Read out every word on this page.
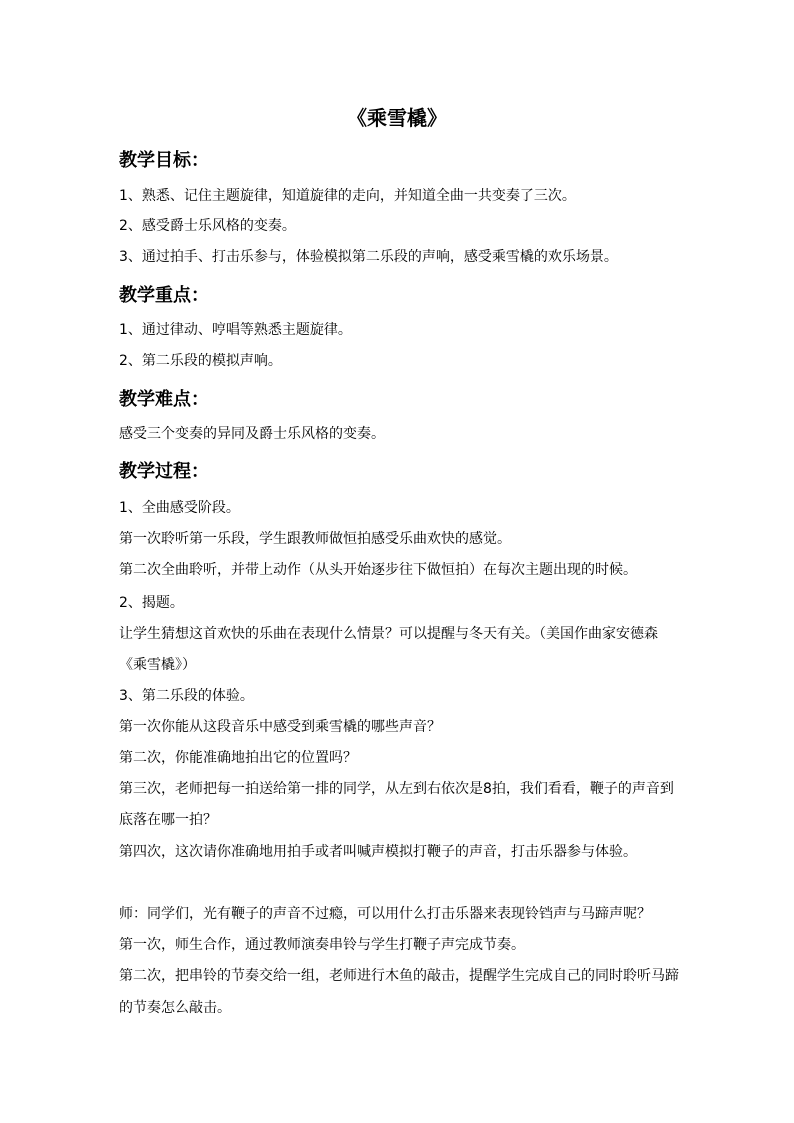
《乘雪橇》
教学目标：
1、熟悉、记住主题旋律，知道旋律的走向，并知道全曲一共变奏了三次。
2、感受爵士乐风格的变奏。
3、通过拍手、打击乐参与，体验模拟第二乐段的声响，感受乘雪橇的欢乐场景。
教学重点：
1、通过律动、哼唱等熟悉主题旋律。
2、第二乐段的模拟声响。
教学难点：
感受三个变奏的异同及爵士乐风格的变奏。
教学过程：
1、全曲感受阶段。
第一次聆听第一乐段，学生跟教师做恒拍感受乐曲欢快的感觉。
第二次全曲聆听，并带上动作（从头开始逐步往下做恒拍）在每次主题出现的时候。
2、揭题。
让学生猜想这首欢快的乐曲在表现什么情景？可以提醒与冬天有关。（美国作曲家安德森
《乘雪橇》）
3、第二乐段的体验。
第一次你能从这段音乐中感受到乘雪橇的哪些声音？
第二次，你能准确地拍出它的位置吗？
第三次，老师把每一拍送给第一排的同学，从左到右依次是8拍，我们看看，鞭子的声音到
底落在哪一拍？
第四次，这次请你准确地用拍手或者叫喊声模拟打鞭子的声音，打击乐器参与体验。
师：同学们，光有鞭子的声音不过瘾，可以用什么打击乐器来表现铃铛声与马蹄声呢？
第一次，师生合作，通过教师演奏串铃与学生打鞭子声完成节奏。
第二次，把串铃的节奏交给一组，老师进行木鱼的敲击，提醒学生完成自己的同时聆听马蹄
的节奏怎么敲击。
